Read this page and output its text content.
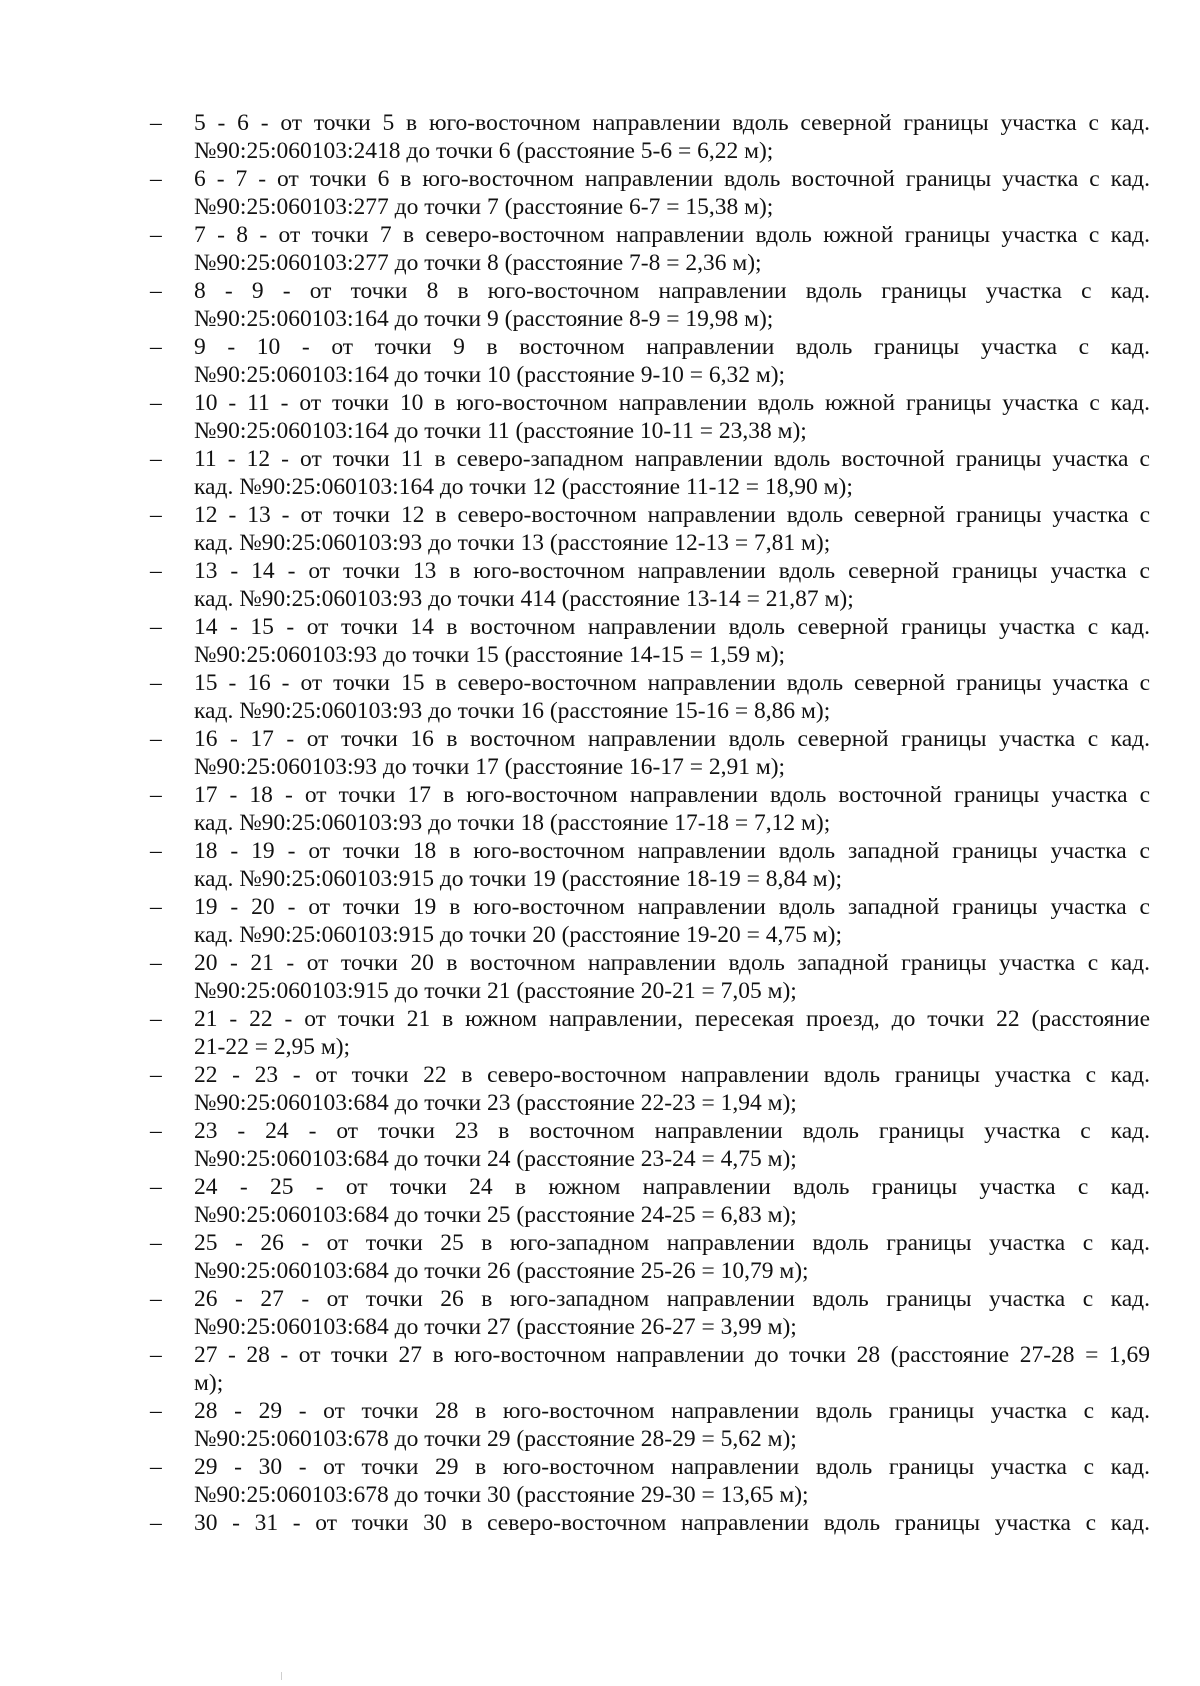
–	5 - 6 - от точки 5 в юго-восточном направлении вдоль северной границы участка с кад.
№90:25:060103:2418 до точки 6 (расстояние 5-6 = 6,22 м);
–	6 - 7 - от точки 6 в юго-восточном направлении вдоль восточной границы участка с кад.
№90:25:060103:277 до точки 7 (расстояние 6-7 = 15,38 м);
–	7 - 8 - от точки 7 в северо-восточном направлении вдоль южной границы участка с кад.
№90:25:060103:277 до точки 8 (расстояние 7-8 = 2,36 м);
–	8 - 9 - от точки 8 в юго-восточном направлении вдоль границы участка с кад.
№90:25:060103:164 до точки 9 (расстояние 8-9 = 19,98 м);
–	9 - 10 - от точки 9 в восточном направлении вдоль границы участка с кад.
№90:25:060103:164 до точки 10 (расстояние 9-10 = 6,32 м);
–	10 - 11 - от точки 10 в юго-восточном направлении вдоль южной границы участка с кад.
№90:25:060103:164 до точки 11 (расстояние 10-11 = 23,38 м);
–	11 - 12 - от точки 11 в северо-западном направлении вдоль восточной границы участка с
кад. №90:25:060103:164 до точки 12 (расстояние 11-12 = 18,90 м);
–	12 - 13 - от точки 12 в северо-восточном направлении вдоль северной границы участка с
кад. №90:25:060103:93 до точки 13 (расстояние 12-13 = 7,81 м);
–	13 - 14 - от точки 13 в юго-восточном направлении вдоль северной границы участка с
кад. №90:25:060103:93 до точки 414 (расстояние 13-14 = 21,87 м);
–	14 - 15 - от точки 14 в восточном направлении вдоль северной границы участка с кад.
№90:25:060103:93 до точки 15 (расстояние 14-15 = 1,59 м);
–	15 - 16 - от точки 15 в северо-восточном направлении вдоль северной границы участка с
кад. №90:25:060103:93 до точки 16 (расстояние 15-16 = 8,86 м);
–	16 - 17 - от точки 16 в восточном направлении вдоль северной границы участка с кад.
№90:25:060103:93 до точки 17 (расстояние 16-17 = 2,91 м);
–	17 - 18 - от точки 17 в юго-восточном направлении вдоль восточной границы участка с
кад. №90:25:060103:93 до точки 18 (расстояние 17-18 = 7,12 м);
–	18 - 19 - от точки 18 в юго-восточном направлении вдоль западной границы участка с
кад. №90:25:060103:915 до точки 19 (расстояние 18-19 = 8,84 м);
–	19 - 20 - от точки 19 в юго-восточном направлении вдоль западной границы участка с
кад. №90:25:060103:915 до точки 20 (расстояние 19-20 = 4,75 м);
–	20 - 21 - от точки 20 в восточном направлении вдоль западной границы участка с кад.
№90:25:060103:915 до точки 21 (расстояние 20-21 = 7,05 м);
–	21 - 22 - от точки 21 в южном направлении, пересекая проезд, до точки 22 (расстояние
21-22 = 2,95 м);
–	22 - 23 - от точки 22 в северо-восточном направлении вдоль границы участка с кад.
№90:25:060103:684 до точки 23 (расстояние 22-23 = 1,94 м);
–	23 - 24 - от точки 23 в восточном направлении вдоль границы участка с кад.
№90:25:060103:684 до точки 24 (расстояние 23-24 = 4,75 м);
–	24 - 25 - от точки 24 в южном направлении вдоль границы участка с кад.
№90:25:060103:684 до точки 25 (расстояние 24-25 = 6,83 м);
–	25 - 26 - от точки 25 в юго-западном направлении вдоль границы участка с кад.
№90:25:060103:684 до точки 26 (расстояние 25-26 = 10,79 м);
–	26 - 27 - от точки 26 в юго-западном направлении вдоль границы участка с кад.
№90:25:060103:684 до точки 27 (расстояние 26-27 = 3,99 м);
–	27 - 28 - от точки 27 в юго-восточном направлении до точки 28 (расстояние 27-28 = 1,69
м);
–	28 - 29 - от точки 28 в юго-восточном направлении вдоль границы участка с кад.
№90:25:060103:678 до точки 29 (расстояние 28-29 = 5,62 м);
–	29 - 30 - от точки 29 в юго-восточном направлении вдоль границы участка с кад.
№90:25:060103:678 до точки 30 (расстояние 29-30 = 13,65 м);
–	30 - 31 - от точки 30 в северо-восточном направлении вдоль границы участка с кад.
